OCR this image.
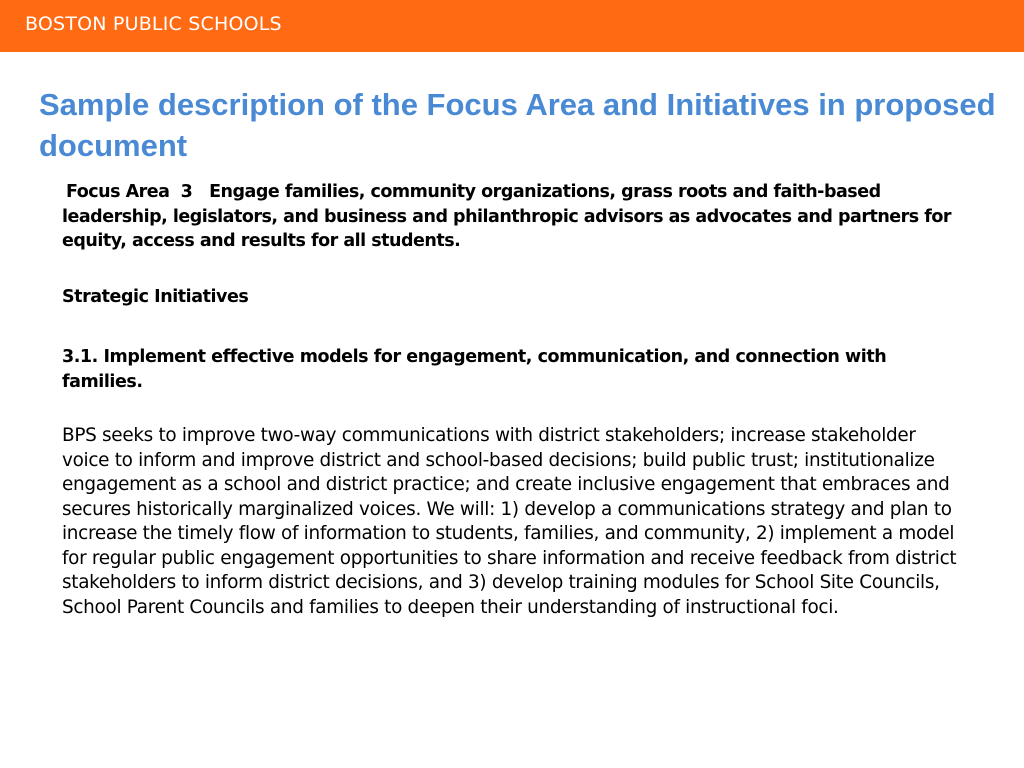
BOSTON PUBLIC SCHOOLS
Sample description of the Focus Area and Initiatives in proposed document

Focus Area  3   Engage families, community organizations, grass roots and faith-based leadership, legislators, and business and philanthropic advisors as advocates and partners for equity, access and results for all students.

Strategic Initiatives

3.1. Implement effective models for engagement, communication, and connection with families.

BPS seeks to improve two-way communications with district stakeholders; increase stakeholder voice to inform and improve district and school-based decisions; build public trust; institutionalize engagement as a school and district practice; and create inclusive engagement that embraces and secures historically marginalized voices. We will: 1) develop a communications strategy and plan to increase the timely flow of information to students, families, and community, 2) implement a model for regular public engagement opportunities to share information and receive feedback from district stakeholders to inform district decisions, and 3) develop training modules for School Site Councils, School Parent Councils and families to deepen their understanding of instructional foci.
